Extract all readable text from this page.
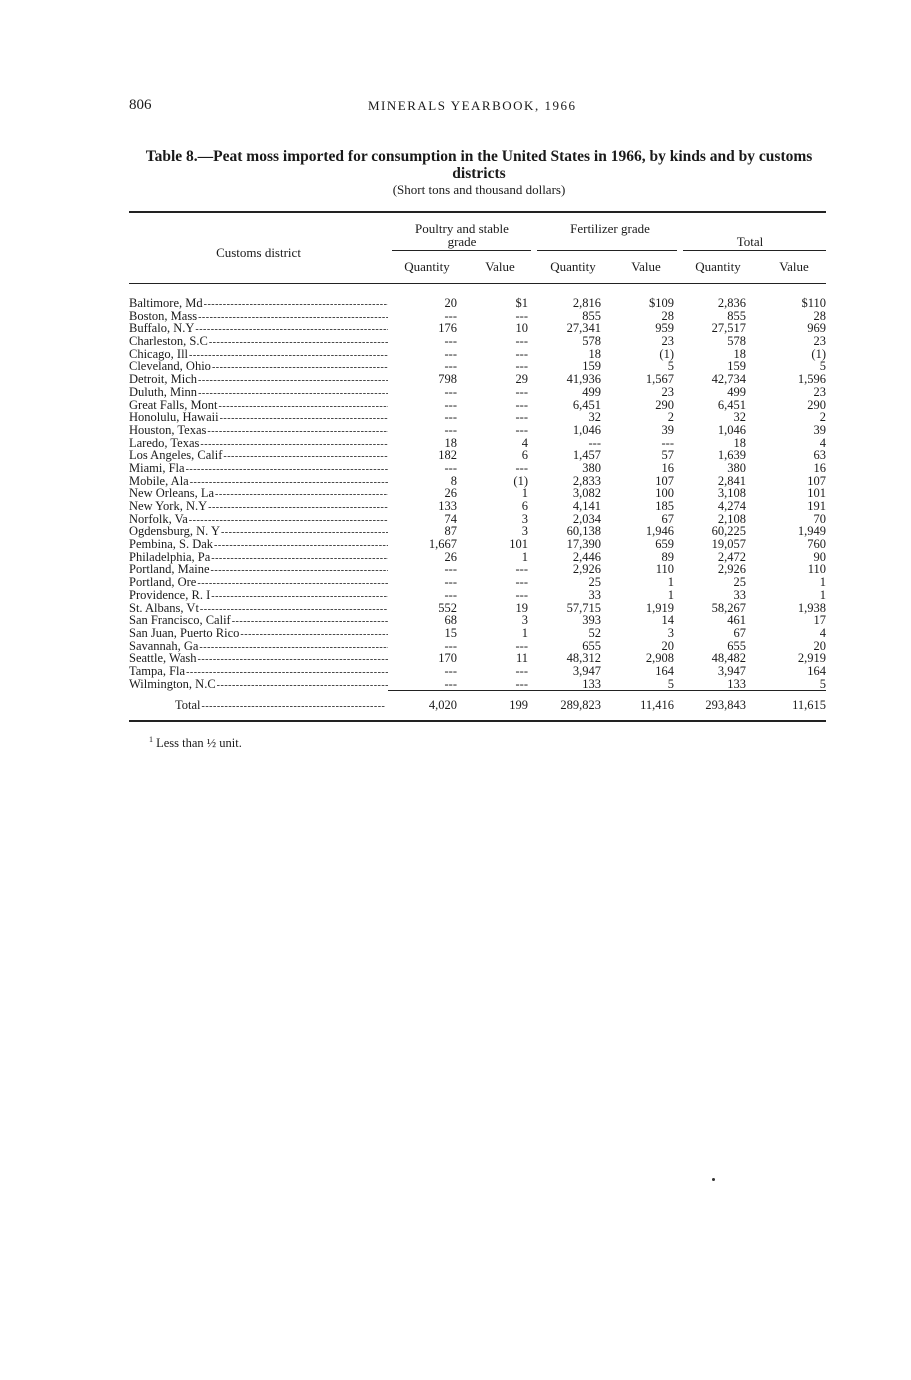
806	MINERALS YEARBOOK, 1966
Table 8.—Peat moss imported for consumption in the United States in 1966, by kinds and by customs districts
(Short tons and thousand dollars)
Customs district
Poultry and stable grade
Fertilizer grade
Total
Quantity	Value	Quantity	Value	Quantity	Value
Baltimore, Md -----	20	$1	2,816	$109	2,836	$110
Boston, Mass -----	---	---	855	28	855	28
Buffalo, N.Y -----	176	10	27,341	959	27,517	969
Charleston, S.C -----	---	---	578	23	578	23
Chicago, Ill -----	---	---	18	(1)	18	(1)
Cleveland, Ohio -----	---	---	159	5	159	5
Detroit, Mich -----	798	29	41,936	1,567	42,734	1,596
Duluth, Minn -----	---	---	499	23	499	23
Great Falls, Mont -----	---	---	6,451	290	6,451	290
Honolulu, Hawaii -----	---	---	32	2	32	2
Houston, Texas -----	---	---	1,046	39	1,046	39
Laredo, Texas -----	18	4	---	---	18	4
Los Angeles, Calif -----	182	6	1,457	57	1,639	63
Miami, Fla -----	---	---	380	16	380	16
Mobile, Ala -----	8	(1)	2,833	107	2,841	107
New Orleans, La -----	26	1	3,082	100	3,108	101
New York, N.Y -----	133	6	4,141	185	4,274	191
Norfolk, Va -----	74	3	2,034	67	2,108	70
Ogdensburg, N. Y -----	87	3	60,138	1,946	60,225	1,949
Pembina, S. Dak -----	1,667	101	17,390	659	19,057	760
Philadelphia, Pa -----	26	1	2,446	89	2,472	90
Portland, Maine -----	---	---	2,926	110	2,926	110
Portland, Ore -----	---	---	25	1	25	1
Providence, R. I -----	---	---	33	1	33	1
St. Albans, Vt -----	552	19	57,715	1,919	58,267	1,938
San Francisco, Calif -----	68	3	393	14	461	17
San Juan, Puerto Rico -----	15	1	52	3	67	4
Savannah, Ga -----	---	---	655	20	655	20
Seattle, Wash -----	170	11	48,312	2,908	48,482	2,919
Tampa, Fla -----	---	---	3,947	164	3,947	164
Wilmington, N.C -----	---	---	133	5	133	5
Total -----	4,020	199	289,823	11,416	293,843	11,615
$^1$ Less than ½ unit.
